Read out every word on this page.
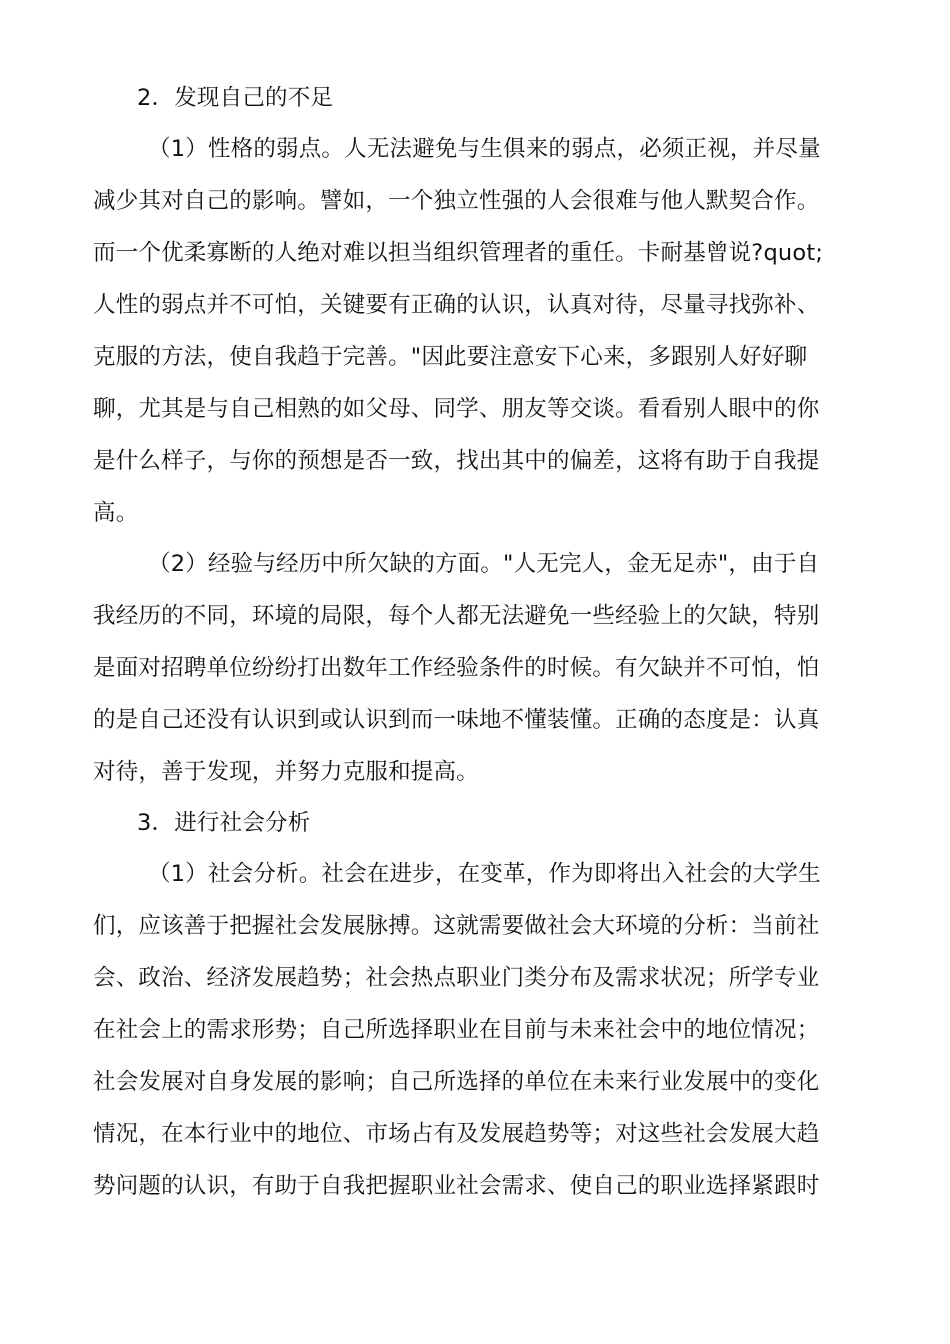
2．发现自己的不足
（1）性格的弱点。人无法避免与生俱来的弱点，必须正视，并尽量
减少其对自己的影响。譬如，一个独立性强的人会很难与他人默契合作。
而一个优柔寡断的人绝对难以担当组织管理者的重任。卡耐基曾说?quot;
人性的弱点并不可怕，关键要有正确的认识，认真对待，尽量寻找弥补、
克服的方法，使自我趋于完善。"因此要注意安下心来，多跟别人好好聊
聊，尤其是与自己相熟的如父母、同学、朋友等交谈。看看别人眼中的你
是什么样子，与你的预想是否一致，找出其中的偏差，这将有助于自我提
高。
（2）经验与经历中所欠缺的方面。"人无完人，金无足赤"，由于自
我经历的不同，环境的局限，每个人都无法避免一些经验上的欠缺，特别
是面对招聘单位纷纷打出数年工作经验条件的时候。有欠缺并不可怕，怕
的是自己还没有认识到或认识到而一味地不懂装懂。正确的态度是：认真
对待，善于发现，并努力克服和提高。
3．进行社会分析
（1）社会分析。社会在进步，在变革，作为即将出入社会的大学生
们，应该善于把握社会发展脉搏。这就需要做社会大环境的分析：当前社
会、政治、经济发展趋势；社会热点职业门类分布及需求状况；所学专业
在社会上的需求形势；自己所选择职业在目前与未来社会中的地位情况；
社会发展对自身发展的影响；自己所选择的单位在未来行业发展中的变化
情况，在本行业中的地位、市场占有及发展趋势等；对这些社会发展大趋
势问题的认识，有助于自我把握职业社会需求、使自己的职业选择紧跟时
